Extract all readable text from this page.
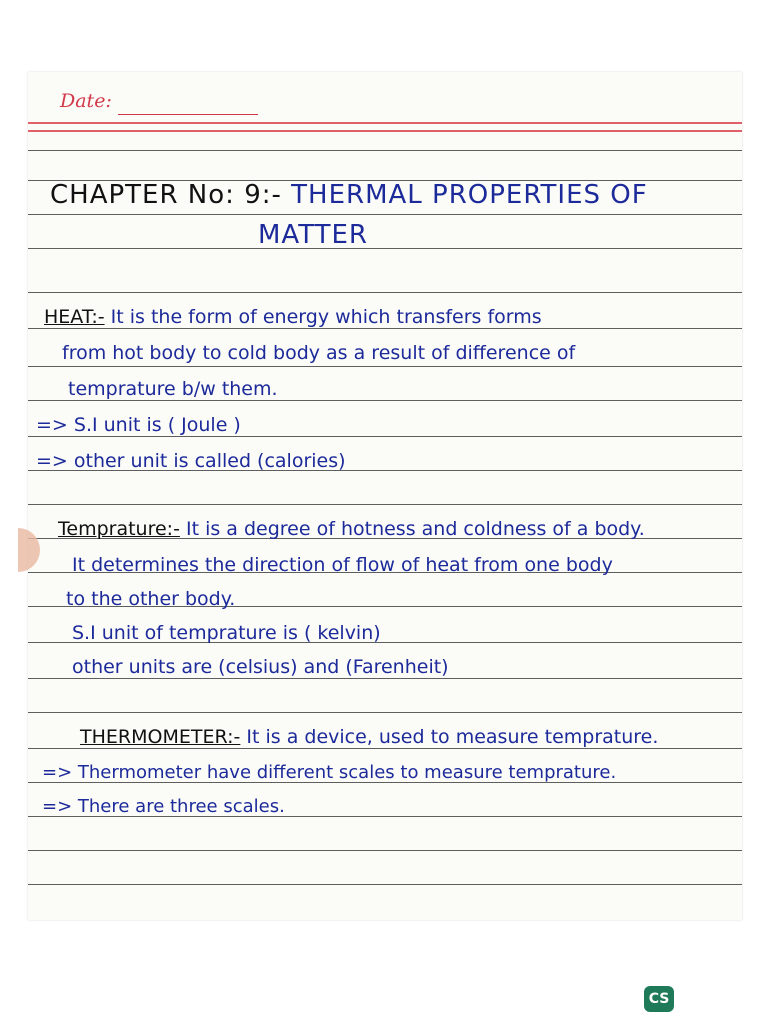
Date:
CHAPTER No: 9:- THERMAL PROPERTIES OF
MATTER
HEAT:- It is the form of energy which transfers forms
from hot body to cold body as a result of difference of
temprature b/w them.
=> S.I unit is ( Joule )
=> other unit is called (calories)
Temprature:- It is a degree of hotness and coldness of a body.
It determines the direction of flow of heat from one body
to the other body.
S.I unit of temprature is ( kelvin)
other units are (celsius) and (Farenheit)
THERMOMETER:- It is a device, used to measure temprature.
=> Thermometer have different scales to measure temprature.
=> There are three scales.
CS
